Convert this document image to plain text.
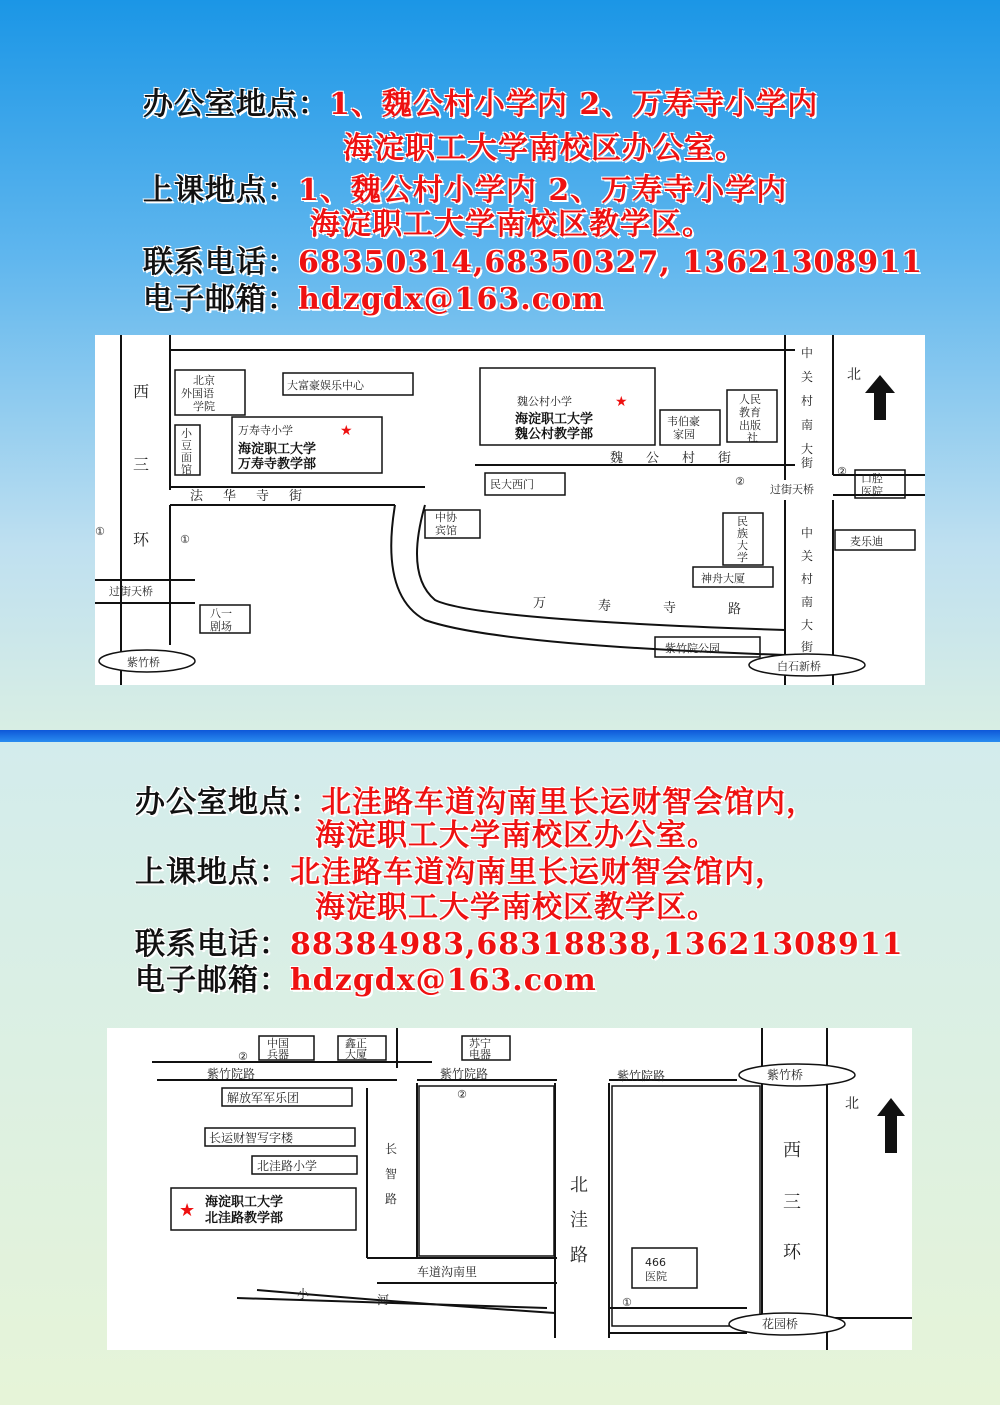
办公室地点：1、魏公村小学内 2、万寿寺小学内
海淀职工大学南校区办公室。
上课地点：1、魏公村小学内 2、万寿寺小学内
海淀职工大学南校区教学区。
联系电话：68350314,68350327, 13621308911
电子邮箱：hdzgdx@163.com
北
西
三
环
中
关
村
南
大
街
中
关
村
南
大
街
法 华 寺 街
魏 公 村 街
万	寿	寺	路
北京
外国语
学院
大富豪娱乐中心
小
豆
面
馆
万寿寺小学
魏公村小学
韦伯豪
家园
人民
教育
出版
社
口腔
医院
过街天桥
过街天桥
民大西门
中协
宾馆
民
族
大
学
神舟大厦
麦乐迪
八一
剧场
紫竹院公园
紫竹桥	白石新桥
①
①
②
②
海淀职工大学
万寿寺教学部
海淀职工大学
魏公村教学部
★
★
办公室地点：北洼路车道沟南里长运财智会馆内，
海淀职工大学南校区办公室。
上课地点：北洼路车道沟南里长运财智会馆内，
海淀职工大学南校区教学区。
联系电话：88384983,68318838,13621308911
电子邮箱：hdzgdx@163.com
北
中国
兵器
鑫正
大厦
苏宁
电器
②
②
①
466
医院
紫竹院路	紫竹院路	紫竹院路	紫竹桥
解放军军乐团
长运财智写字楼
北洼路小学
车道沟南里
小	河
花园桥
长
智
路
海淀职工大学
北洼路教学部
★
北
洼
路
西
三
环
